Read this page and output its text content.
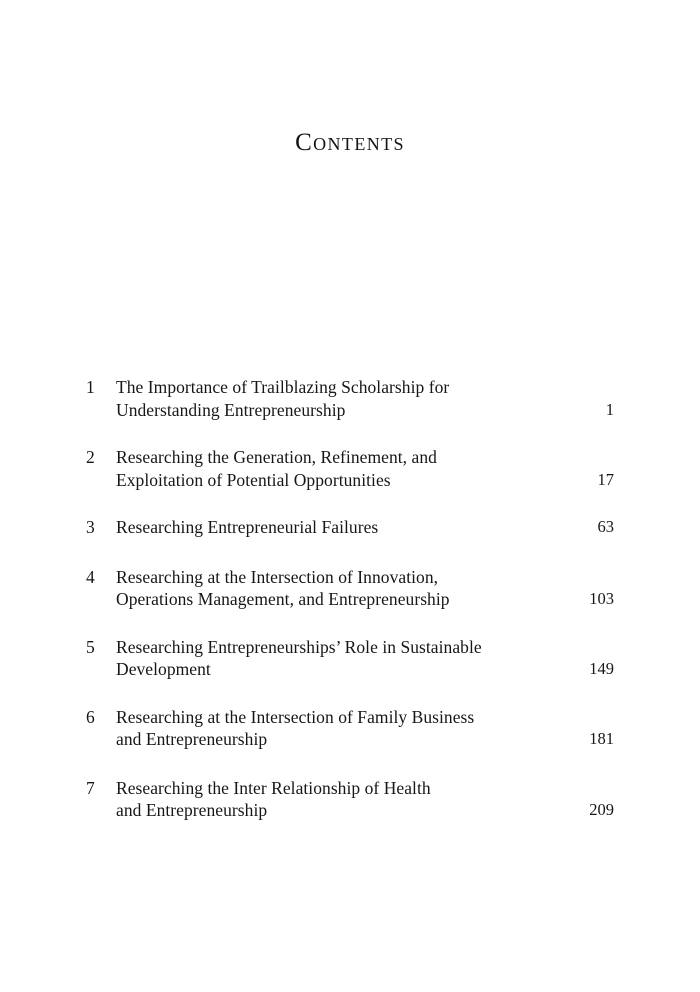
Contents
1	The Importance of Trailblazing Scholarship for
Understanding Entrepreneurship	1
2	Researching the Generation, Refinement, and
Exploitation of Potential Opportunities	17
3	Researching Entrepreneurial Failures	63
4	Researching at the Intersection of Innovation,
Operations Management, and Entrepreneurship	103
5	Researching Entrepreneurships’ Role in Sustainable
Development	149
6	Researching at the Intersection of Family Business
and Entrepreneurship	181
7	Researching the Inter Relationship of Health
and Entrepreneurship	209
